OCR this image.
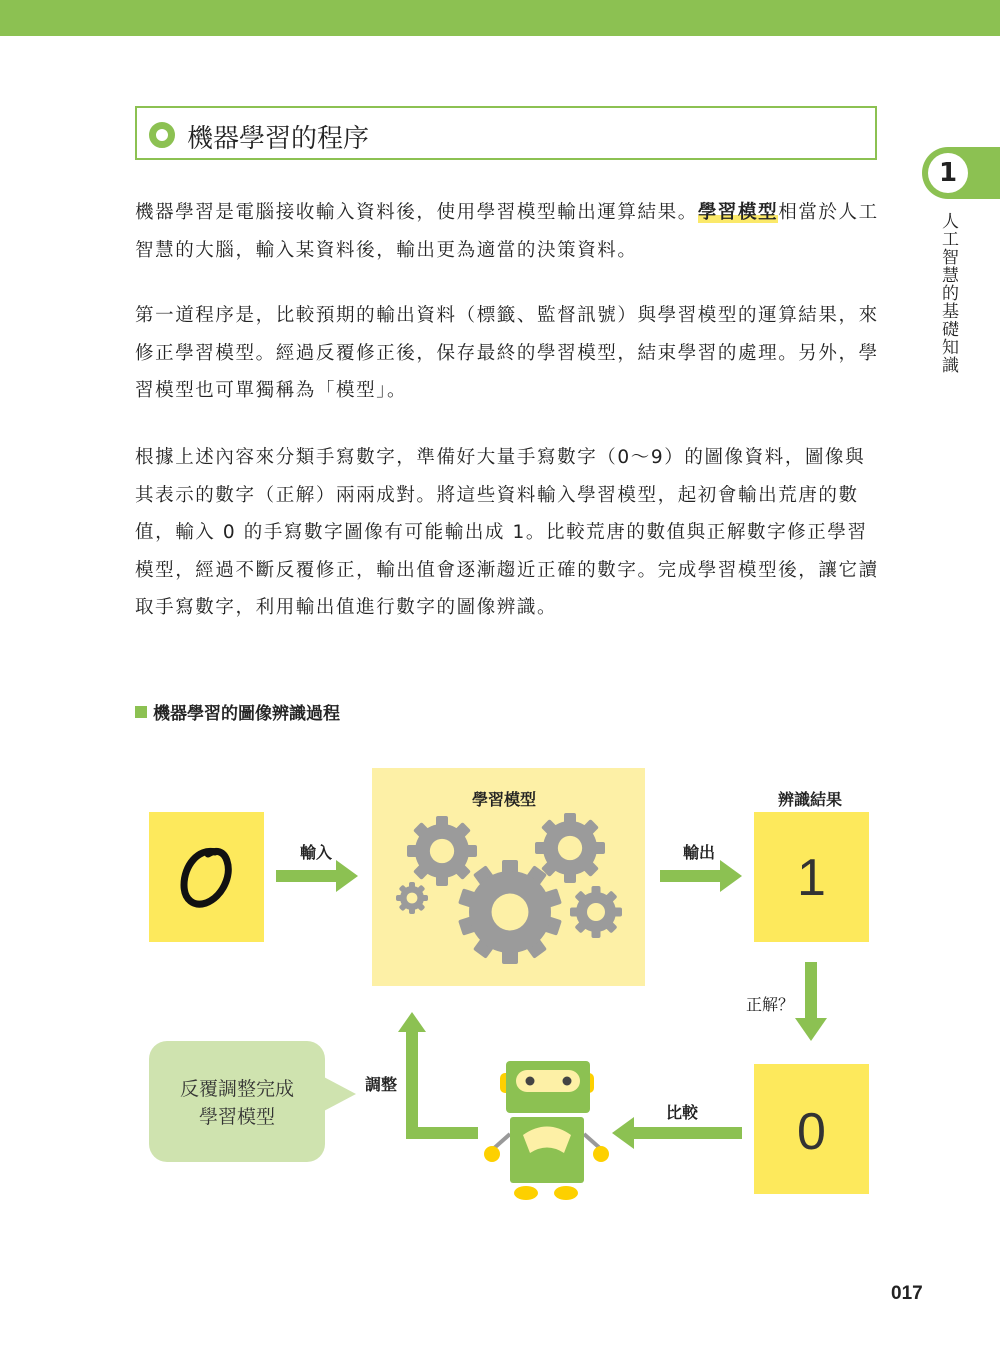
機器學習的程序
1
人工智慧的基礎知識
機器學習是電腦接收輸入資料後，使用學習模型輸出運算結果。學習模型相當於人工智慧的大腦，輸入某資料後，輸出更為適當的決策資料。
第一道程序是，比較預期的輸出資料（標籤、監督訊號）與學習模型的運算結果，來修正學習模型。經過反覆修正後，保存最終的學習模型，結束學習的處理。另外，學習模型也可單獨稱為「模型」。
根據上述內容來分類手寫數字，準備好大量手寫數字（0～9）的圖像資料，圖像與其表示的數字（正解）兩兩成對。將這些資料輸入學習模型，起初會輸出荒唐的數值，輸入 0 的手寫數字圖像有可能輸出成 1。比較荒唐的數值與正解數字修正學習模型，經過不斷反覆修正，輸出值會逐漸趨近正確的數字。完成學習模型後，讓它讀取手寫數字，利用輸出值進行數字的圖像辨識。
機器學習的圖像辨識過程
1
0
反覆調整完成
學習模型
學習模型	辨識結果
輸入	輸出
正解？
調整
比較
017
